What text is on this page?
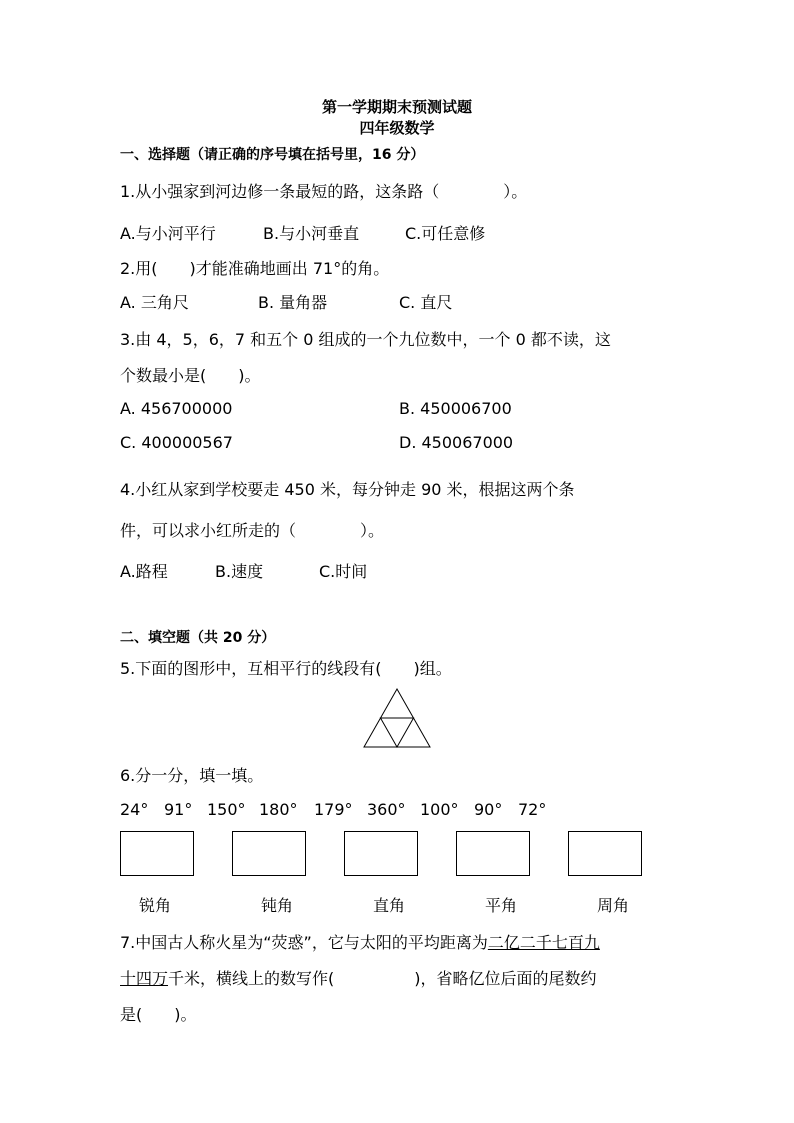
第一学期期末预测试题
四年级数学
一、选择题（请正确的序号填在括号里，16 分）
1.从小强家到河边修一条最短的路，这条路（　　　　）。
A.与小河平行	B.与小河垂直	C.可任意修
2.用(　　)才能准确地画出 71°的角。
A. 三角尺	B. 量角器	C. 直尺
3.由 4，5，6，7 和五个 0 组成的一个九位数中，一个 0 都不读，这
个数最小是(　　)。
A. 456700000	B. 450006700
C. 400000567	D. 450067000
4.小红从家到学校要走 450 米，每分钟走 90 米，根据这两个条
件，可以求小红所走的（　　　　）。
A.路程	B.速度	C.时间
二、填空题（共 20 分）
5.下面的图形中，互相平行的线段有(　　)组。
6.分一分，填一填。
24° 91° 150° 180° 179° 360° 100° 90° 72°
锐角	钝角	直角	平角	周角
7.中国古人称火星为“荧惑”，它与太阳的平均距离为二亿二千七百九
十四万千米，横线上的数写作(　　　　　)，省略亿位后面的尾数约
是(　　)。
